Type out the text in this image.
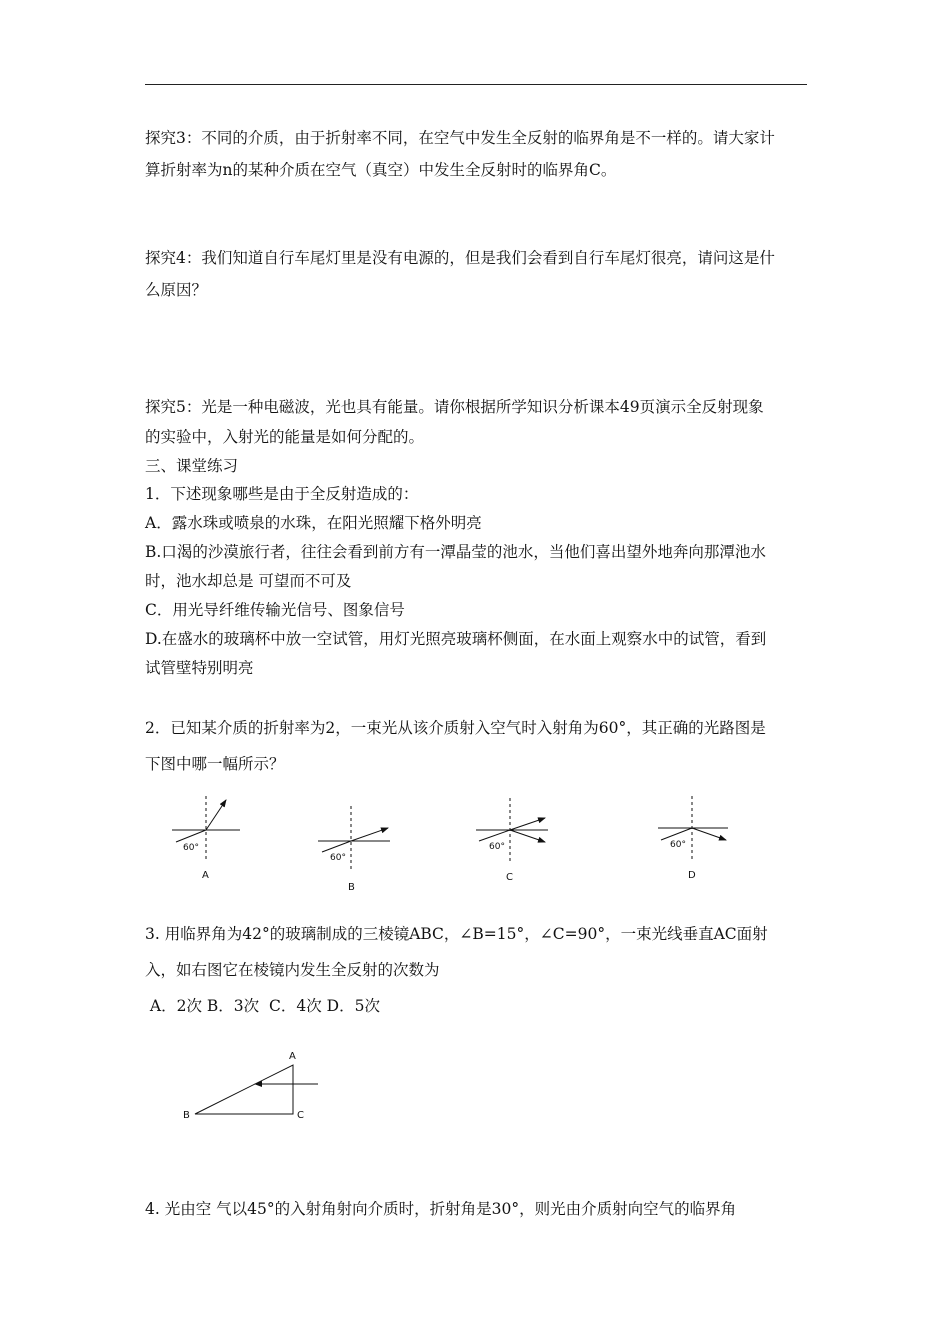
探究3：不同的介质，由于折射率不同，在空气中发生全反射的临界角是不一样的。请大家计
算折射率为n的某种介质在空气（真空）中发生全反射时的临界角C。
探究4：我们知道自行车尾灯里是没有电源的，但是我们会看到自行车尾灯很亮，请问这是什
么原因？
探究5：光是一种电磁波，光也具有能量。请你根据所学知识分析课本49页演示全反射现象
的实验中，入射光的能量是如何分配的。
三、课堂练习
1．下述现象哪些是由于全反射造成的：
A．露水珠或喷泉的水珠，在阳光照耀下格外明亮
B.口渴的沙漠旅行者，往往会看到前方有一潭晶莹的池水，当他们喜出望外地奔向那潭池水
时，池水却总是 可望而不可及
C．用光导纤维传输光信号、图象信号
D.在盛水的玻璃杯中放一空试管，用灯光照亮玻璃杯侧面，在水面上观察水中的试管，看到
试管壁特别明亮
2．已知某介质的折射率为2，一束光从该介质射入空气时入射角为60°，其正确的光路图是
下图中哪一幅所示？
60°
A
60°
B
60°
C
60°
D
3. 用临界角为42°的玻璃制成的三棱镜ABC，∠B=15°，∠C=90°，一束光线垂直AC面射
入，如右图它在棱镜内发生全反射的次数为
A．2次 B．3次  C．4次 D．5次
A
B	C
4. 光由空 气以45°的入射角射向介质时，折射角是30°，则光由介质射向空气的临界角
